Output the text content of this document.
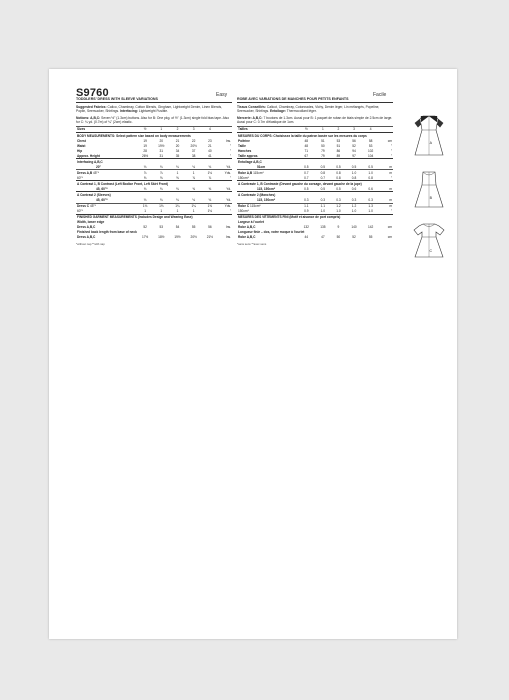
S9760	Easy	Facile
TODDLERS' DRESS WITH SLEEVE VARIATIONS
Suggested Fabrics: Calico, Chambray, Cotton Blends, Gingham, Lightweight Denim, Linen Blends, Poplin, Seersucker, Shirtings. Interfacing: Lightweight Fusible.
Notions: A,B,C: Seven ½" (1.3cm) buttons. Also for B: One pkg. of ½" (1.3cm) single fold bias tape. Also for C: ¼ yd. (0.7m) of ¼" (2cm) elastic.
Sizes	½	1	2	3	4	
BODY MEASUREMENTS: Select pattern size based on body measurements						
Chest	19	20	21	22	23	Ins.
Waist	19	19½	20	20½	21	"
Hip	28	31	34	37	40	"
Approx. Height	26½	31	35	38	41	"
Interfacing A,B,C						
20"	⅛	⅛	⅛	⅛	⅛	Yd.
Dress A,B 45"*	⅞	⅞	1	1	1⅛	Yds.
60"*	⅝	⅝	⅝	⅞	⅞	"
A Contrast 1, B Contrast (Left Bodice Front, Left Skirt Front)						
45, 60"*	⅜	⅜	⅜	⅜	⅜	Yd.
A Contrast 2 (Sleeves)						
45, 60"*	⅛	⅛	⅛	⅛	⅛	Yd.
Dress C 45"*	1⅛	1⅛	1¼	1¼	1⅜	Yds.
60"*	1	1	1	1	1⅛	"
FINISHED GARMENT MEASUREMENTS (Includes Design and Wearing Ease)						
Width, lower edge						
Dress A,B,C	52	53	54	55	56	Ins.
Finished back length from base of neck						
Dress A,B,C	17½	18½	19½	20½	21½	Ins.
*without nap **with nap
ROBE AVEC VARIATIONS DE MANCHES POUR PETITS ENFANTS
Tissus Conseillés: Calicot, Chambray, Cotonnades, Vichy, Denim léger, Lin mélangés, Popeline, Seersucker, Shirtings. Entoilage: Thermocollant léger.
Mercerie: A,B,C: 7 boutons de 1.3cm. Aussi pour B: 1 paquet de ruban de biais simple de 2.5cm de large. Aussi pour C: 0.7m d'élastique de 1cm.
Tailles	½	1	2	3	4	
MESURES DU CORPS: Choisissez la taille du patron basée sur les mesures du corps						
Poitrine	48	51	53	56	58	cm
Taille	48	50	51	52	53	"
Hanches	71	79	86	94	102	"
Taille approx.	67	79	89	97	104	"
Entoilage A,B,C						
51cm	0.5	0.5	0.5	0.5	0.5	m
Robe A,B 115cm*	0.7	0.8	0.8	1.0	1.0	m
150cm*	0.7	0.7	0.8	0.8	0.8	"
A Contraste 1, B Contraste (Devant gauche du corsage, devant gauche de la jupe)						
115, 150cm*	0.5	0.5	0.5	0.6	0.6	m
A Contraste 2 (Manches)						
115, 150cm*	0.3	0.3	0.3	0.3	0.3	m
Robe C 115cm*	1.1	1.1	1.2	1.2	1.3	m
150cm*	0.9	1.0	1.0	1.0	1.0	"
MESURES DES VÊTEMENTS FINI (Motif et aisance de port compris)						
Largeur à l'ourlet						
Robe A,B,C	132	135	9	140	142	cm
Longueur finie – dos, votre moque à l'ourlet						
Robe A,B,C	44	47	50	52	55	cm
*sans sens **avec sens
A
B
C
